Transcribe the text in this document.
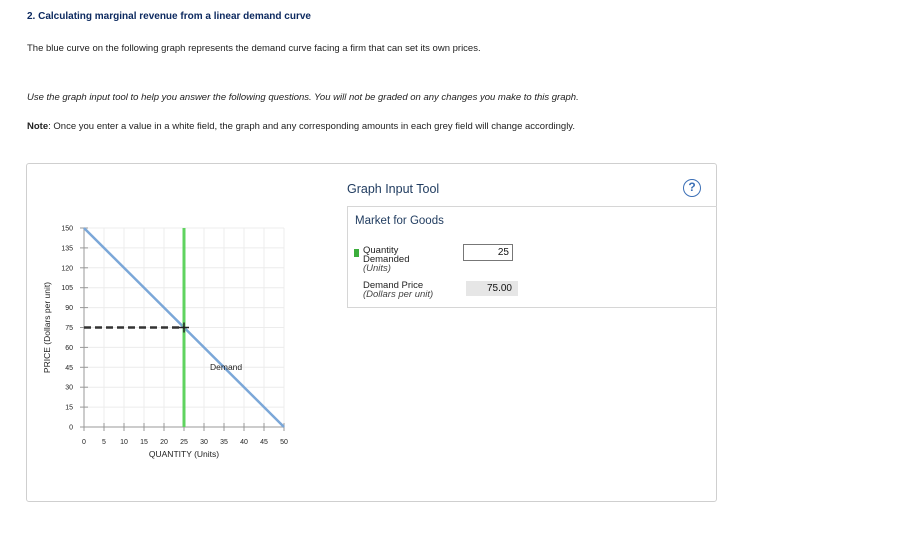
2. Calculating marginal revenue from a linear demand curve
The blue curve on the following graph represents the demand curve facing a firm that can set its own prices.
Use the graph input tool to help you answer the following questions. You will not be graded on any changes you make to this graph.
Note: Once you enter a value in a white field, the graph and any corresponding amounts in each grey field will change accordingly.
0 5 10 15 20 25 30 35 40 45 50
0
15
30
45
60
75
90
105
120
135
150
QUANTITY (Units)
PRICE (Dollars per unit)	Demand
Graph Input Tool	?
Market for Goods
Quantity
Demanded
(Units)
25
Demand Price
(Dollars per unit)
75.00
